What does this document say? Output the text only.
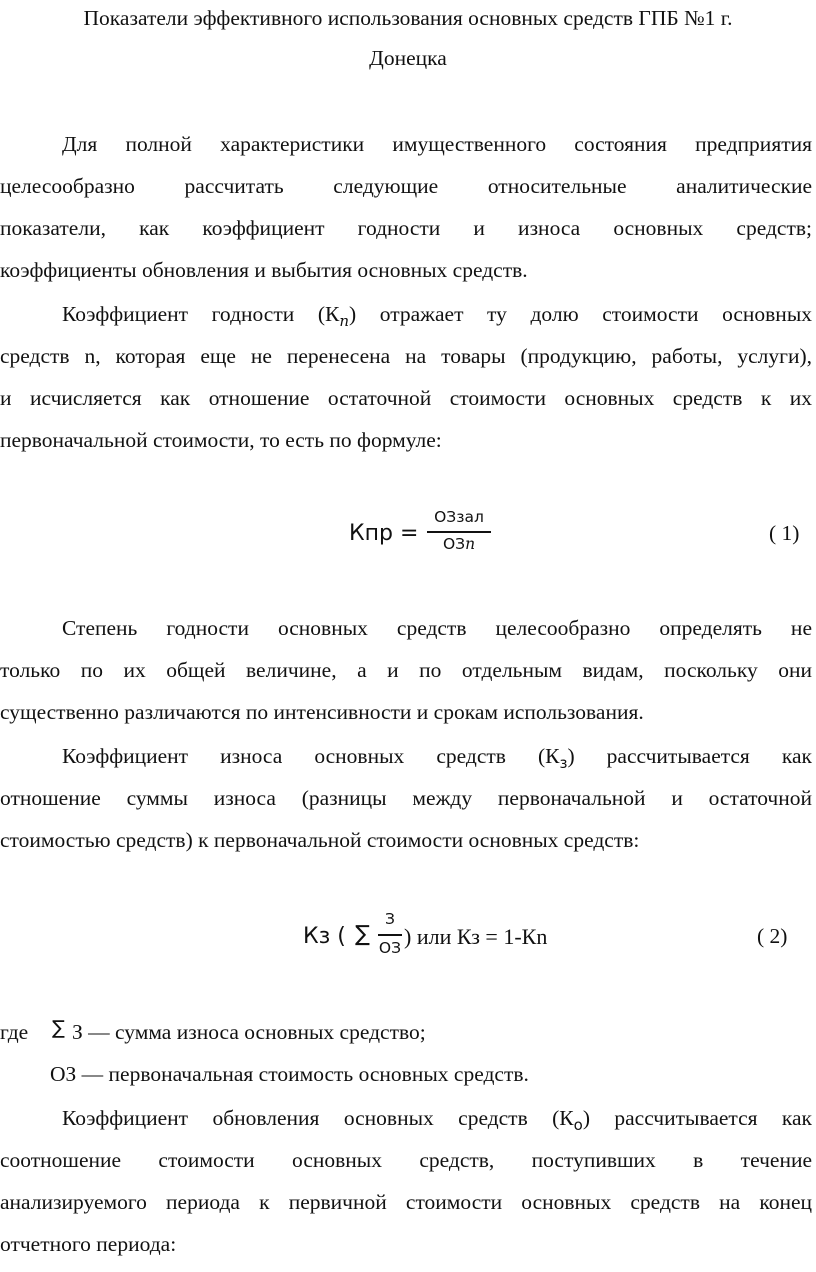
Показатели эффективного использования основных средств ГПБ №1 г.
Донецка
Для полной характеристики имущественного состояния предприятия
целесообразно рассчитать следующие относительные аналитические
показатели, как коэффициент годности и износа основных средств;
коэффициенты обновления и выбытия основных средств.
Коэффициент годности $(К_n)$ отражает ту долю стоимости основных
средств n, которая еще не перенесена на товары (продукцию, работы, услуги),
и исчисляется как отношение остаточной стоимости основных средств к их
первоначальной стоимости, то есть по формуле:
Кпр =
ОЗзал
ОЗn	( 1)
Степень годности основных средств целесообразно определять не
только по их общей величине, а и по отдельным видам, поскольку они
существенно различаются по интенсивности и срокам использования.
Коэффициент износа основных средств $(К_з)$ рассчитывается как
отношение суммы износа (разницы между первоначальной и остаточной
стоимостью средств) к первоначальной стоимости основных средств:
Кз ( ∑
З
ОЗ ) или Кз = 1-Кn	( 2)
где ∑ З — сумма износа основных средство;
ОЗ — первоначальная стоимость основных средств.
Коэффициент обновления основных средств $(К_о)$ рассчитывается как
соотношение стоимости основных средств, поступивших в течение
анализируемого периода к первичной стоимости основных средств на конец
отчетного периода:
